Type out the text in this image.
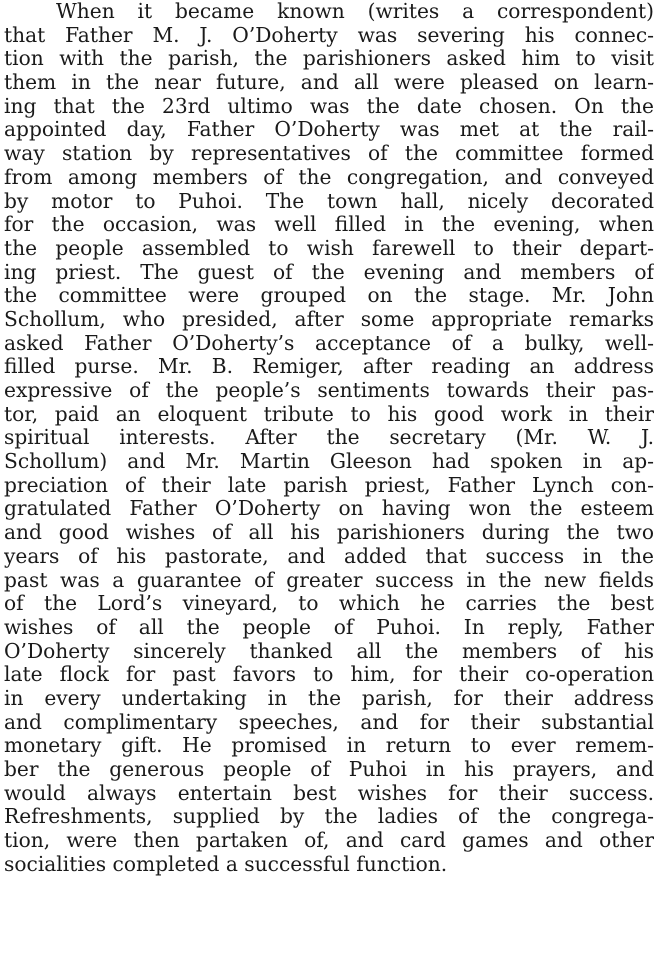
When it became known (writes a correspondent)
that Father M. J. O’Doherty was severing his connec-
tion with the parish, the parishioners asked him to visit
them in the near future, and all were pleased on learn-
ing that the 23rd ultimo was the date chosen. On the
appointed day, Father O’Doherty was met at the rail-
way station by representatives of the committee formed
from among members of the congregation, and conveyed
by motor to Puhoi. The town hall, nicely decorated
for the occasion, was well filled in the evening, when
the people assembled to wish farewell to their depart-
ing priest. The guest of the evening and members of
the committee were grouped on the stage. Mr. John
Schollum, who presided, after some appropriate remarks
asked Father O’Doherty’s acceptance of a bulky, well-
filled purse. Mr. B. Remiger, after reading an address
expressive of the people’s sentiments towards their pas-
tor, paid an eloquent tribute to his good work in their
spiritual interests. After the secretary (Mr. W. J.
Schollum) and Mr. Martin Gleeson had spoken in ap-
preciation of their late parish priest, Father Lynch con-
gratulated Father O’Doherty on having won the esteem
and good wishes of all his parishioners during the two
years of his pastorate, and added that success in the
past was a guarantee of greater success in the new fields
of the Lord’s vineyard, to which he carries the best
wishes of all the people of Puhoi. In reply, Father
O’Doherty sincerely thanked all the members of his
late flock for past favors to him, for their co-operation
in every undertaking in the parish, for their address
and complimentary speeches, and for their substantial
monetary gift. He promised in return to ever remem-
ber the generous people of Puhoi in his prayers, and
would always entertain best wishes for their success.
Refreshments, supplied by the ladies of the congrega-
tion, were then partaken of, and card games and other
socialities completed a successful function.
